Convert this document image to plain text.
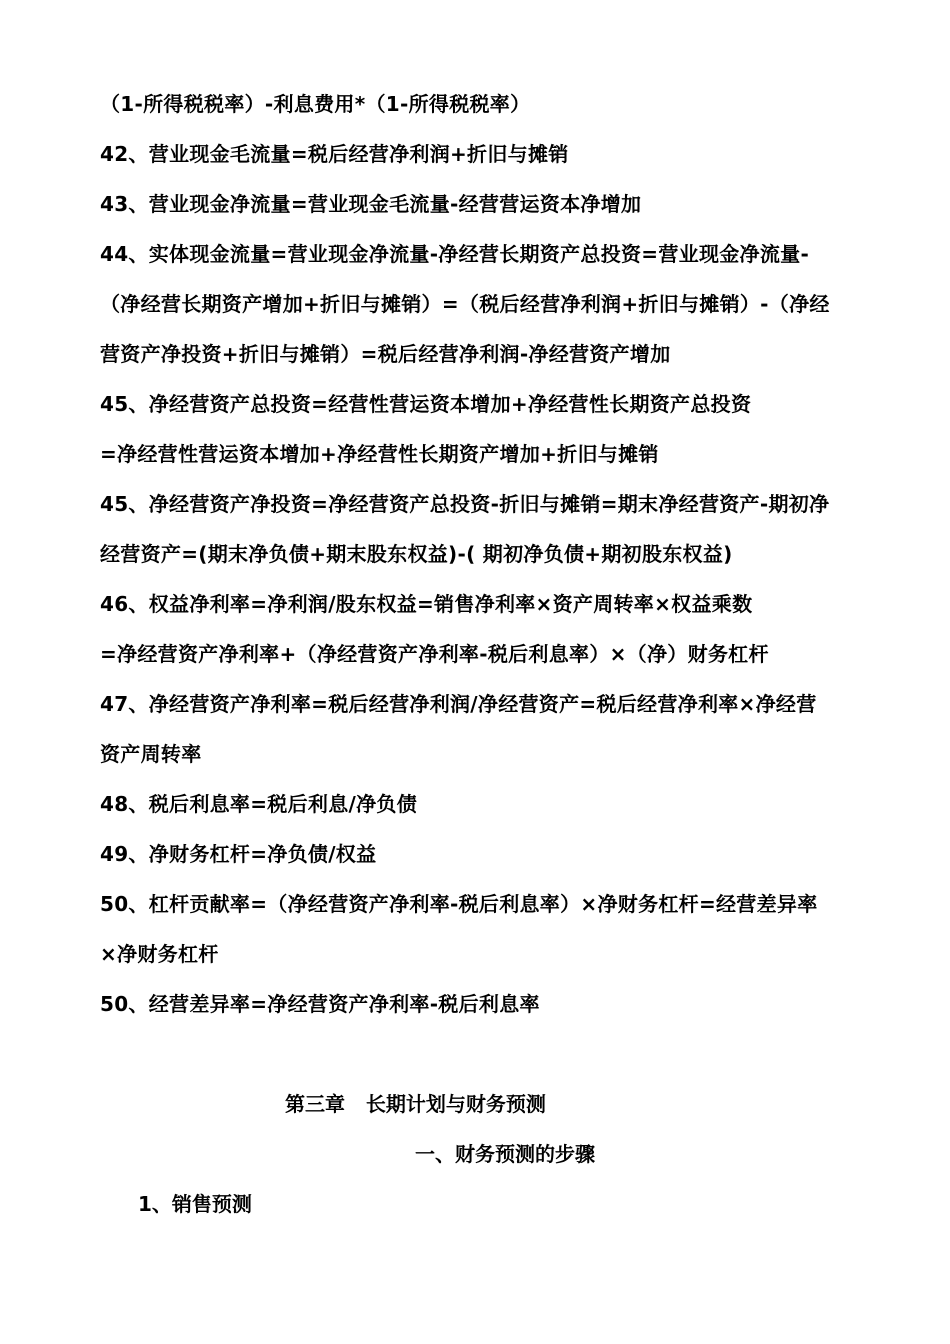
（1-所得税税率）-利息费用*（1-所得税税率）
42、营业现金毛流量=税后经营净利润+折旧与摊销
43、营业现金净流量=营业现金毛流量-经营营运资本净增加
44、实体现金流量=营业现金净流量-净经营长期资产总投资=营业现金净流量-
（净经营长期资产增加+折旧与摊销）=（税后经营净利润+折旧与摊销）-（净经
营资产净投资+折旧与摊销）=税后经营净利润-净经营资产增加
45、净经营资产总投资=经营性营运资本增加+净经营性长期资产总投资
=净经营性营运资本增加+净经营性长期资产增加+折旧与摊销
45、净经营资产净投资=净经营资产总投资-折旧与摊销=期末净经营资产-期初净
经营资产=(期末净负债+期末股东权益)-( 期初净负债+期初股东权益)
46、权益净利率=净利润/股东权益=销售净利率×资产周转率×权益乘数
=净经营资产净利率+（净经营资产净利率-税后利息率）×（净）财务杠杆
47、净经营资产净利率=税后经营净利润/净经营资产=税后经营净利率×净经营
资产周转率
48、税后利息率=税后利息/净负债
49、净财务杠杆=净负债/权益
50、杠杆贡献率=（净经营资产净利率-税后利息率）×净财务杠杆=经营差异率
×净财务杠杆
50、经营差异率=净经营资产净利率-税后利息率
第三章   长期计划与财务预测
一、财务预测的步骤
1、销售预测
